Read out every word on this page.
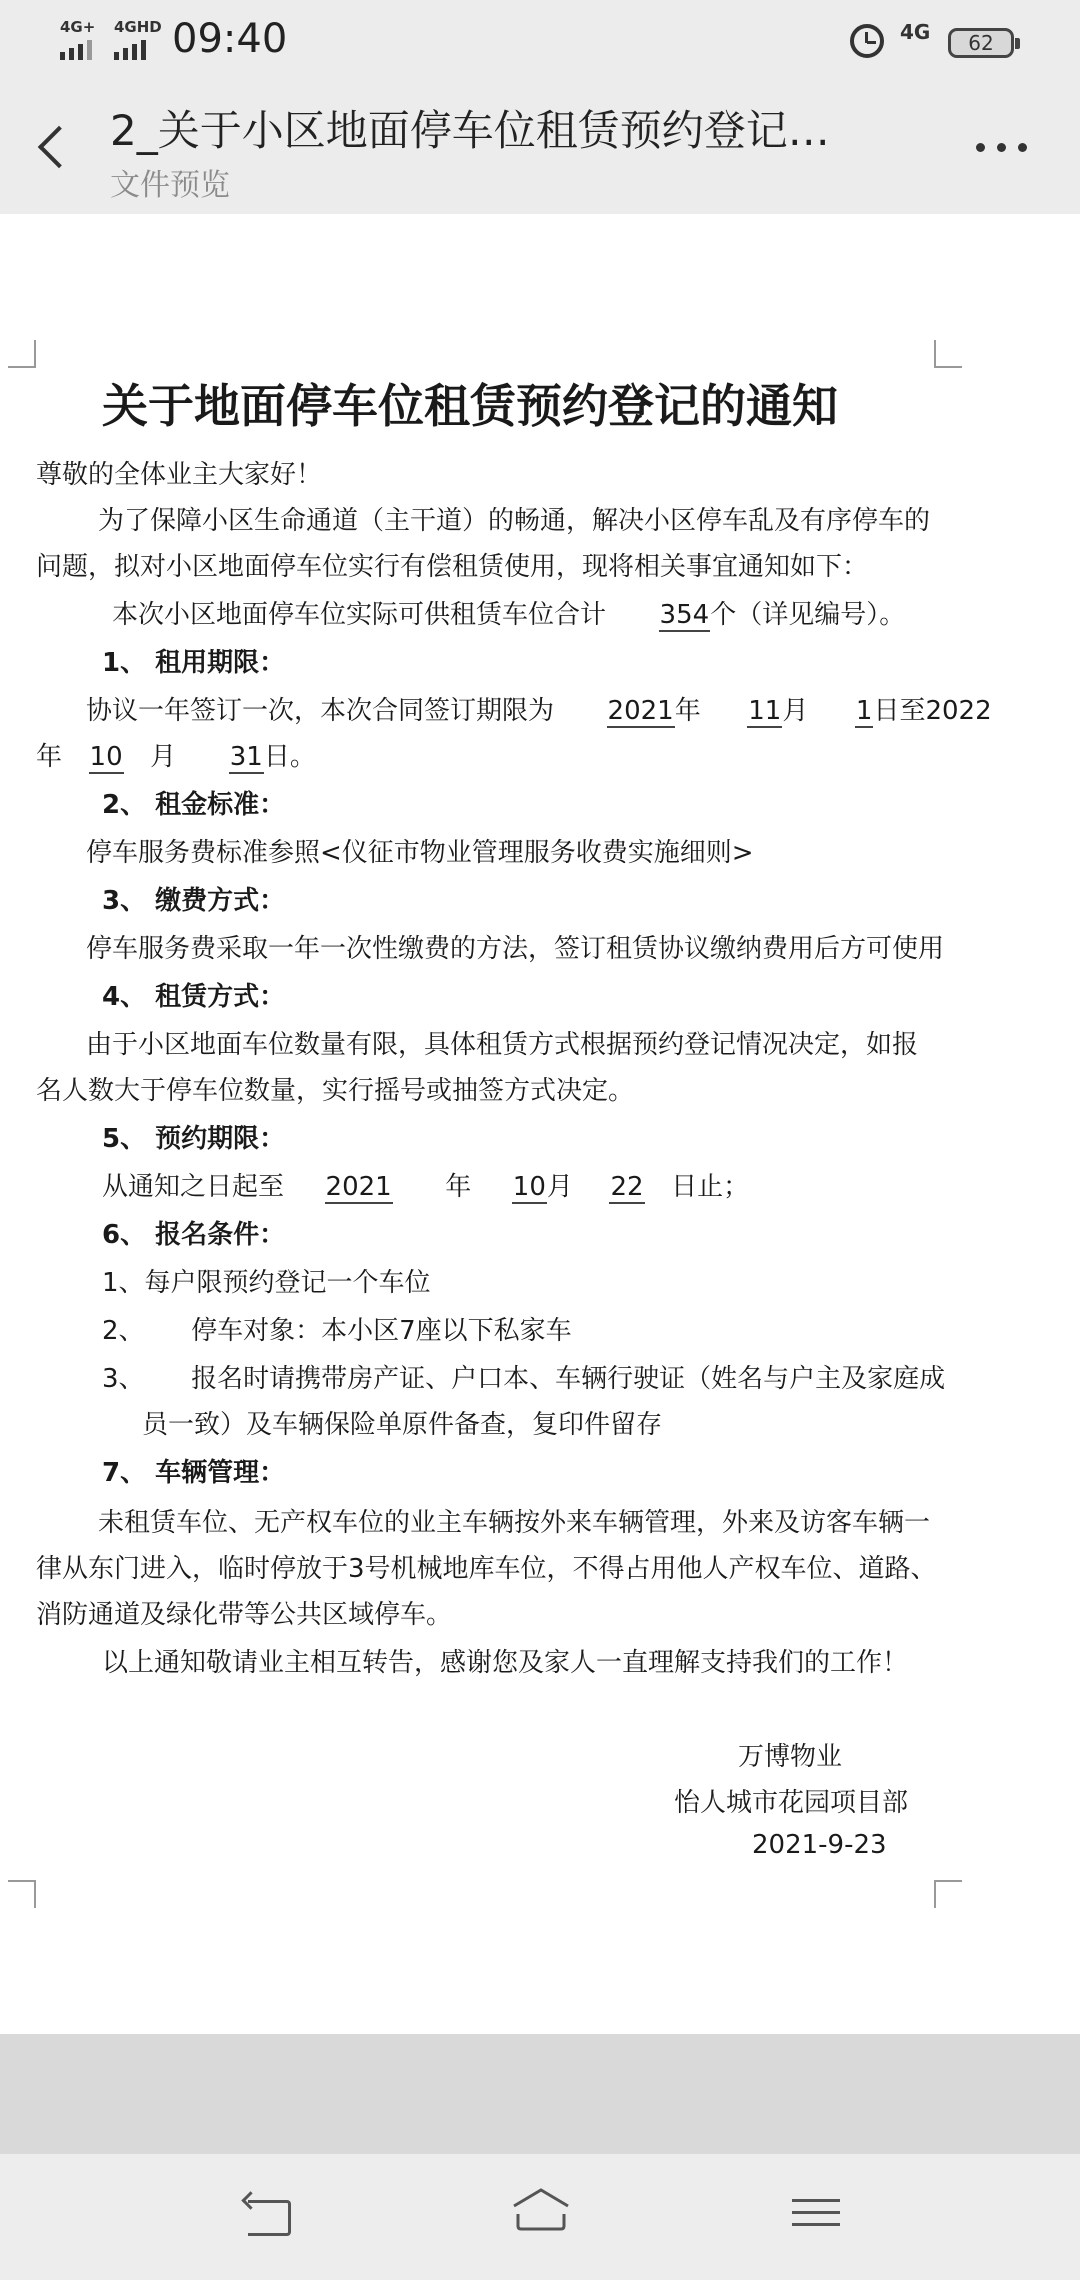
4G+ 4GHD 09:40	4G	62
2_关于小区地面停车位租赁预约登记…
文件预览
关于地面停车位租赁预约登记的通知
尊敬的全体业主大家好！
为了保障小区生命通道（主干道）的畅通，解决小区停车乱及有序停车的
问题，拟对小区地面停车位实行有偿租赁使用，现将相关事宜通知如下：
本次小区地面停车位实际可供租赁车位合计 354个（详见编号）。
1、 租用期限：
协议一年签订一次，本次合同签订期限为 2021年 11月 1日至2022
年 10 月 31日。
2、 租金标准：
停车服务费标准参照<仪征市物业管理服务收费实施细则>
3、 缴费方式：
停车服务费采取一年一次性缴费的方法，签订租赁协议缴纳费用后方可使用
4、 租赁方式：
由于小区地面车位数量有限，具体租赁方式根据预约登记情况决定，如报
名人数大于停车位数量，实行摇号或抽签方式决定。
5、 预约期限：
从通知之日起至 2021 年 10月 22 日止；
6、 报名条件：
1、每户限预约登记一个车位
2、 停车对象：本小区7座以下私家车
3、 报名时请携带房产证、户口本、车辆行驶证（姓名与户主及家庭成
员一致）及车辆保险单原件备查，复印件留存
7、 车辆管理：
未租赁车位、无产权车位的业主车辆按外来车辆管理，外来及访客车辆一
律从东门进入，临时停放于3号机械地库车位，不得占用他人产权车位、道路、
消防通道及绿化带等公共区域停车。
以上通知敬请业主相互转告，感谢您及家人一直理解支持我们的工作！
万博物业
怡人城市花园项目部
2021-9-23
